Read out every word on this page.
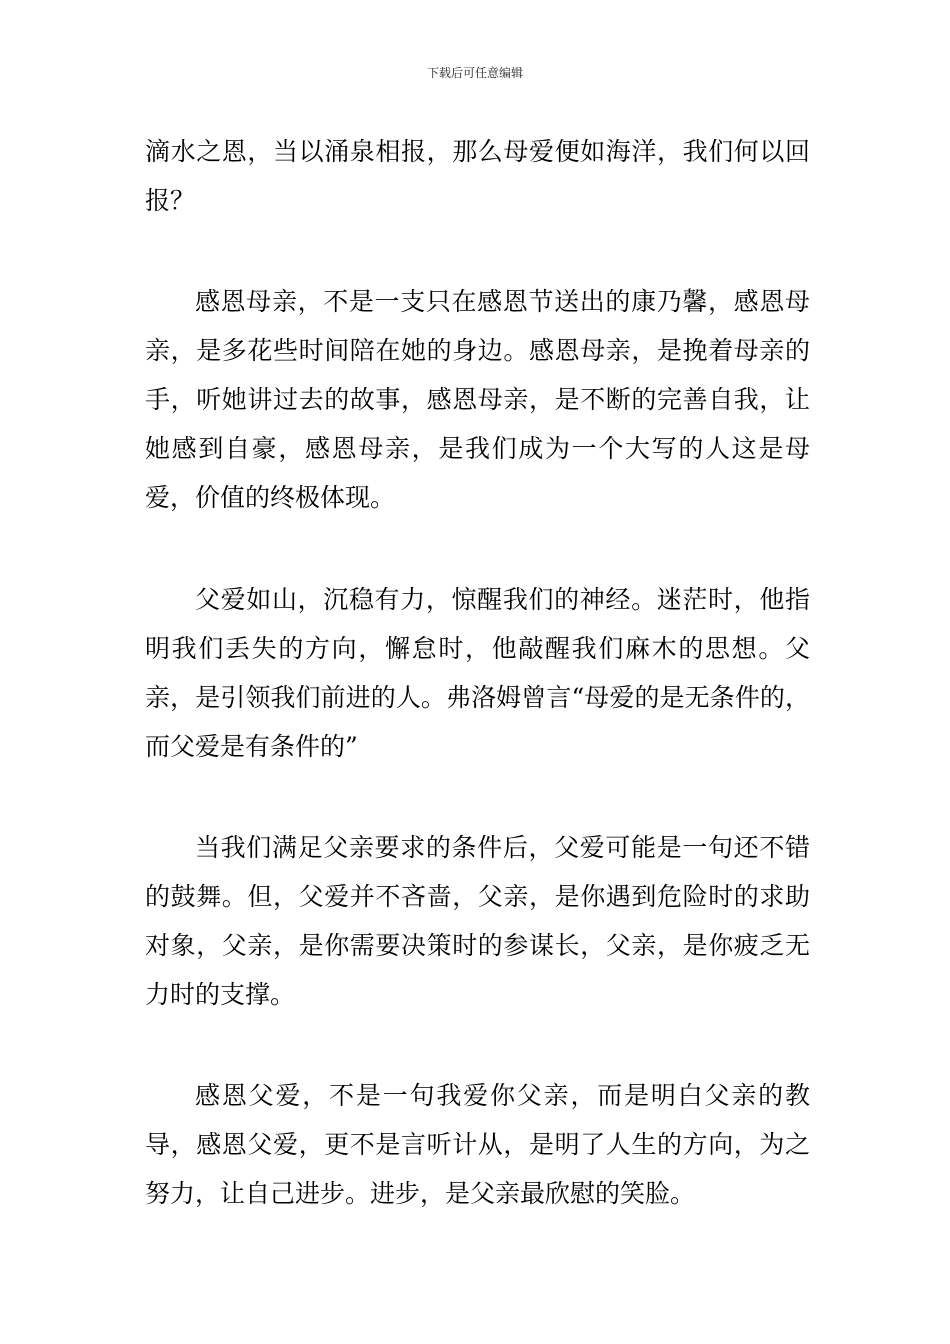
下载后可任意编辑

滴水之恩，当以涌泉相报，那么母爱便如海洋，我们何以回报？

感恩母亲，不是一支只在感恩节送出的康乃馨，感恩母亲，是多花些时间陪在她的身边。感恩母亲，是挽着母亲的手，听她讲过去的故事，感恩母亲，是不断的完善自我，让她感到自豪，感恩母亲，是我们成为一个大写的人这是母爱，价值的终极体现。

父爱如山，沉稳有力，惊醒我们的神经。迷茫时，他指明我们丢失的方向，懈怠时，他敲醒我们麻木的思想。父亲，是引领我们前进的人。弗洛姆曾言“母爱的是无条件的，而父爱是有条件的”

当我们满足父亲要求的条件后，父爱可能是一句还不错的鼓舞。但，父爱并不吝啬，父亲，是你遇到危险时的求助对象，父亲，是你需要决策时的参谋长，父亲，是你疲乏无力时的支撑。

感恩父爱，不是一句我爱你父亲，而是明白父亲的教导，感恩父爱，更不是言听计从，是明了人生的方向，为之努力，让自己进步。进步，是父亲最欣慰的笑脸。
